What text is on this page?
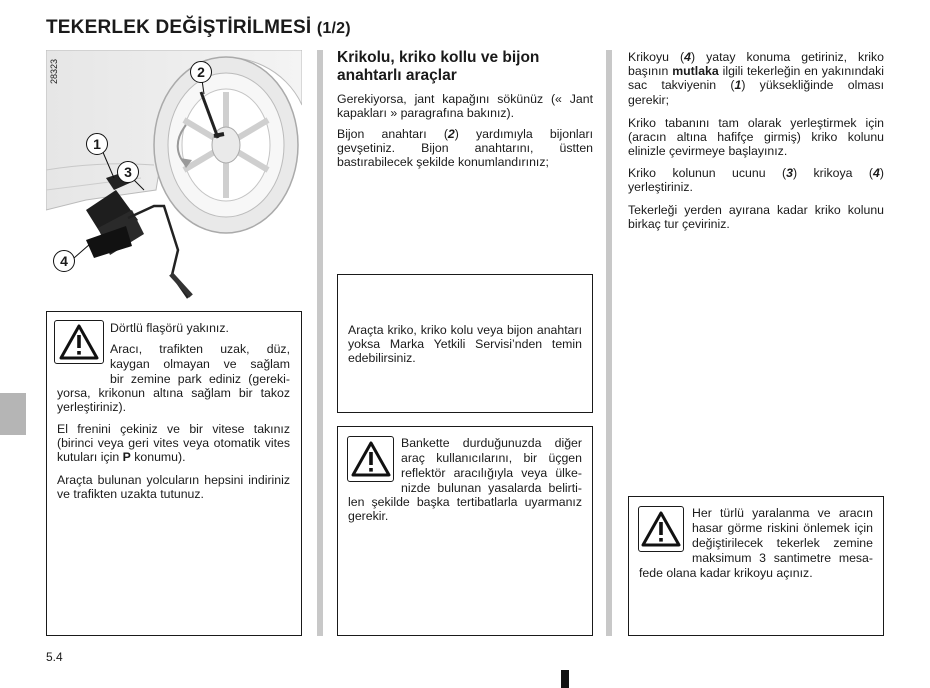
TEKERLEK DEĞİŞTİRİLMESİ (1/2)
28323
1
2
3
4
Dörtlü flaşörü yakınız.
Aracı, trafikten uzak, düz,
kaygan olmayan ve sağlam
bir zemine park ediniz (gereki-
yorsa, krikonun altına sağlam bir takoz yerleştiriniz).
El frenini çekiniz ve bir vitese takınız (birinci veya geri vites veya otomatik vites kutuları için P konumu).
Araçta bulunan yolcuların hepsini indiriniz ve trafikten uzakta tutunuz.
Krikolu, kriko kollu ve bijon
anahtarlı araçlar
Gerekiyorsa, jant kapağını sökünüz (« Jant kapakları » paragrafına bakınız).
Bijon anahtarı (2) yardımıyla bijonları gevşetiniz. Bijon anahtarını, üstten bastırabilecek şekilde konumlandırınız;
Araçta kriko, kriko kolu veya bijon anahtarı yoksa Marka Yetkili Servisi’nden temin edebilirsiniz.
Bankette durduğunuzda diğer
araç kullanıcılarını, bir üçgen
reflektör aracılığıyla veya ülke-
nizde bulunan yasalarda belirti-
len şekilde başka tertibatlarla uyarmanız gerekir.
Krikoyu (4) yatay konuma getiriniz, kriko başının mutlaka ilgili tekerleğin en yakınındaki sac takviyenin (1) yüksekliğinde olması gerekir;
Kriko tabanını tam olarak yerleştirmek için (aracın altına hafifçe girmiş) kriko kolunu elinizle çevirmeye başlayınız.
Kriko kolunun ucunu (3) krikoya (4) yerleştiriniz.
Tekerleği yerden ayırana kadar kriko kolunu birkaç tur çeviriniz.
Her türlü yaralanma ve aracın
hasar görme riskini önlemek için
değiştirilecek tekerlek zemine
maksimum 3 santimetre mesa-
fede olana kadar krikoyu açınız.
5.4
